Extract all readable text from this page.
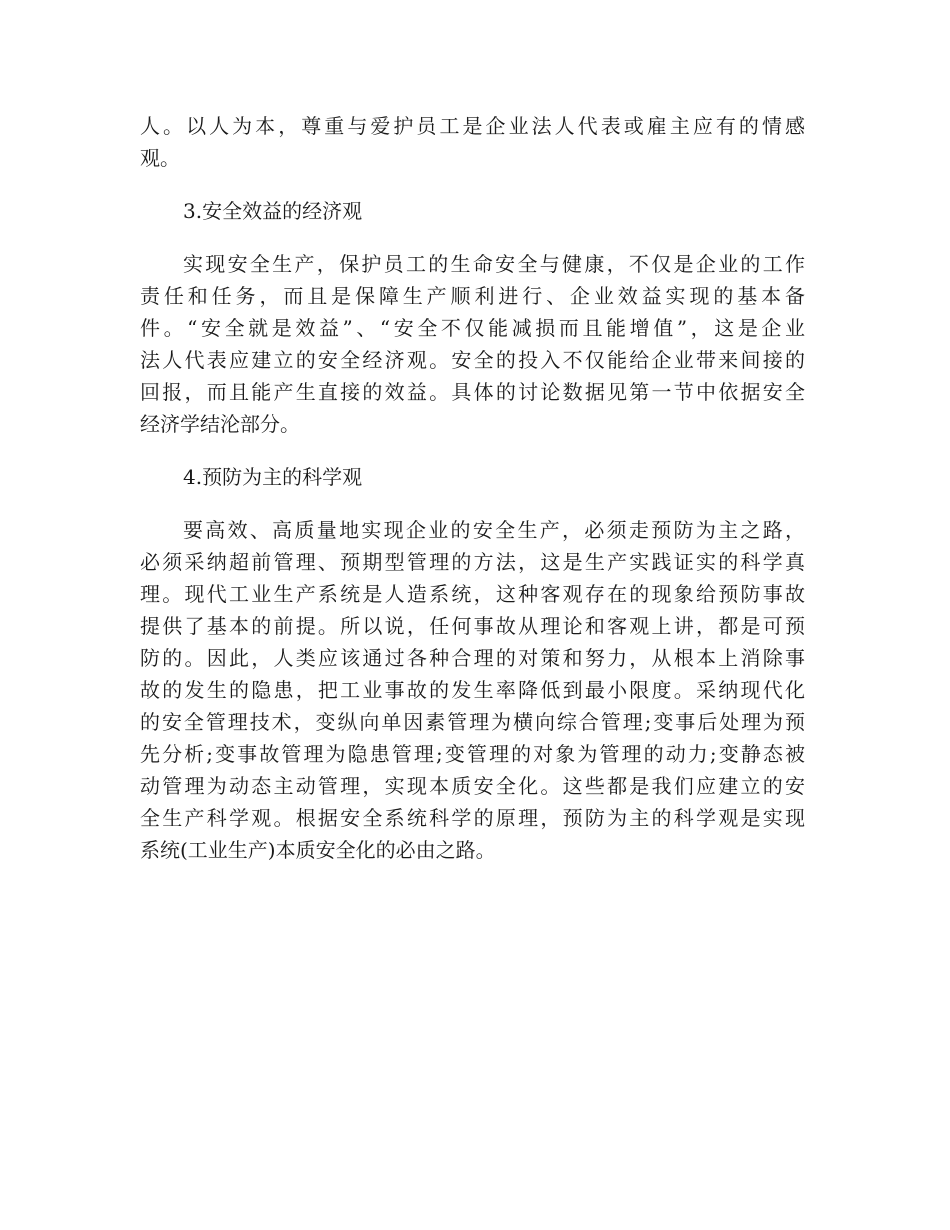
人。以人为本，尊重与爱护员工是企业法人代表或雇主应有的情感
观。
3.安全效益的经济观
实现安全生产，保护员工的生命安全与健康，不仅是企业的工作
责任和任务，而且是保障生产顺利进行、企业效益实现的基本备
件。“安全就是效益”、“安全不仅能减损而且能增值”，这是企业
法人代表应建立的安全经济观。安全的投入不仅能给企业带来间接的
回报，而且能产生直接的效益。具体的讨论数据见第一节中依据安全
经济学结沦部分。
4.预防为主的科学观
要高效、高质量地实现企业的安全生产，必须走预防为主之路，
必须采纳超前管理、预期型管理的方法，这是生产实践证实的科学真
理。现代工业生产系统是人造系统，这种客观存在的现象给预防事故
提供了基本的前提。所以说，任何事故从理论和客观上讲，都是可预
防的。因此，人类应该通过各种合理的对策和努力，从根本上消除事
故的发生的隐患，把工业事故的发生率降低到最小限度。采纳现代化
的安全管理技术，变纵向单因素管理为横向综合管理;变事后处理为预
先分析;变事故管理为隐患管理;变管理的对象为管理的动力;变静态被
动管理为动态主动管理，实现本质安全化。这些都是我们应建立的安
全生产科学观。根据安全系统科学的原理，预防为主的科学观是实现
系统(工业生产)本质安全化的必由之路。
